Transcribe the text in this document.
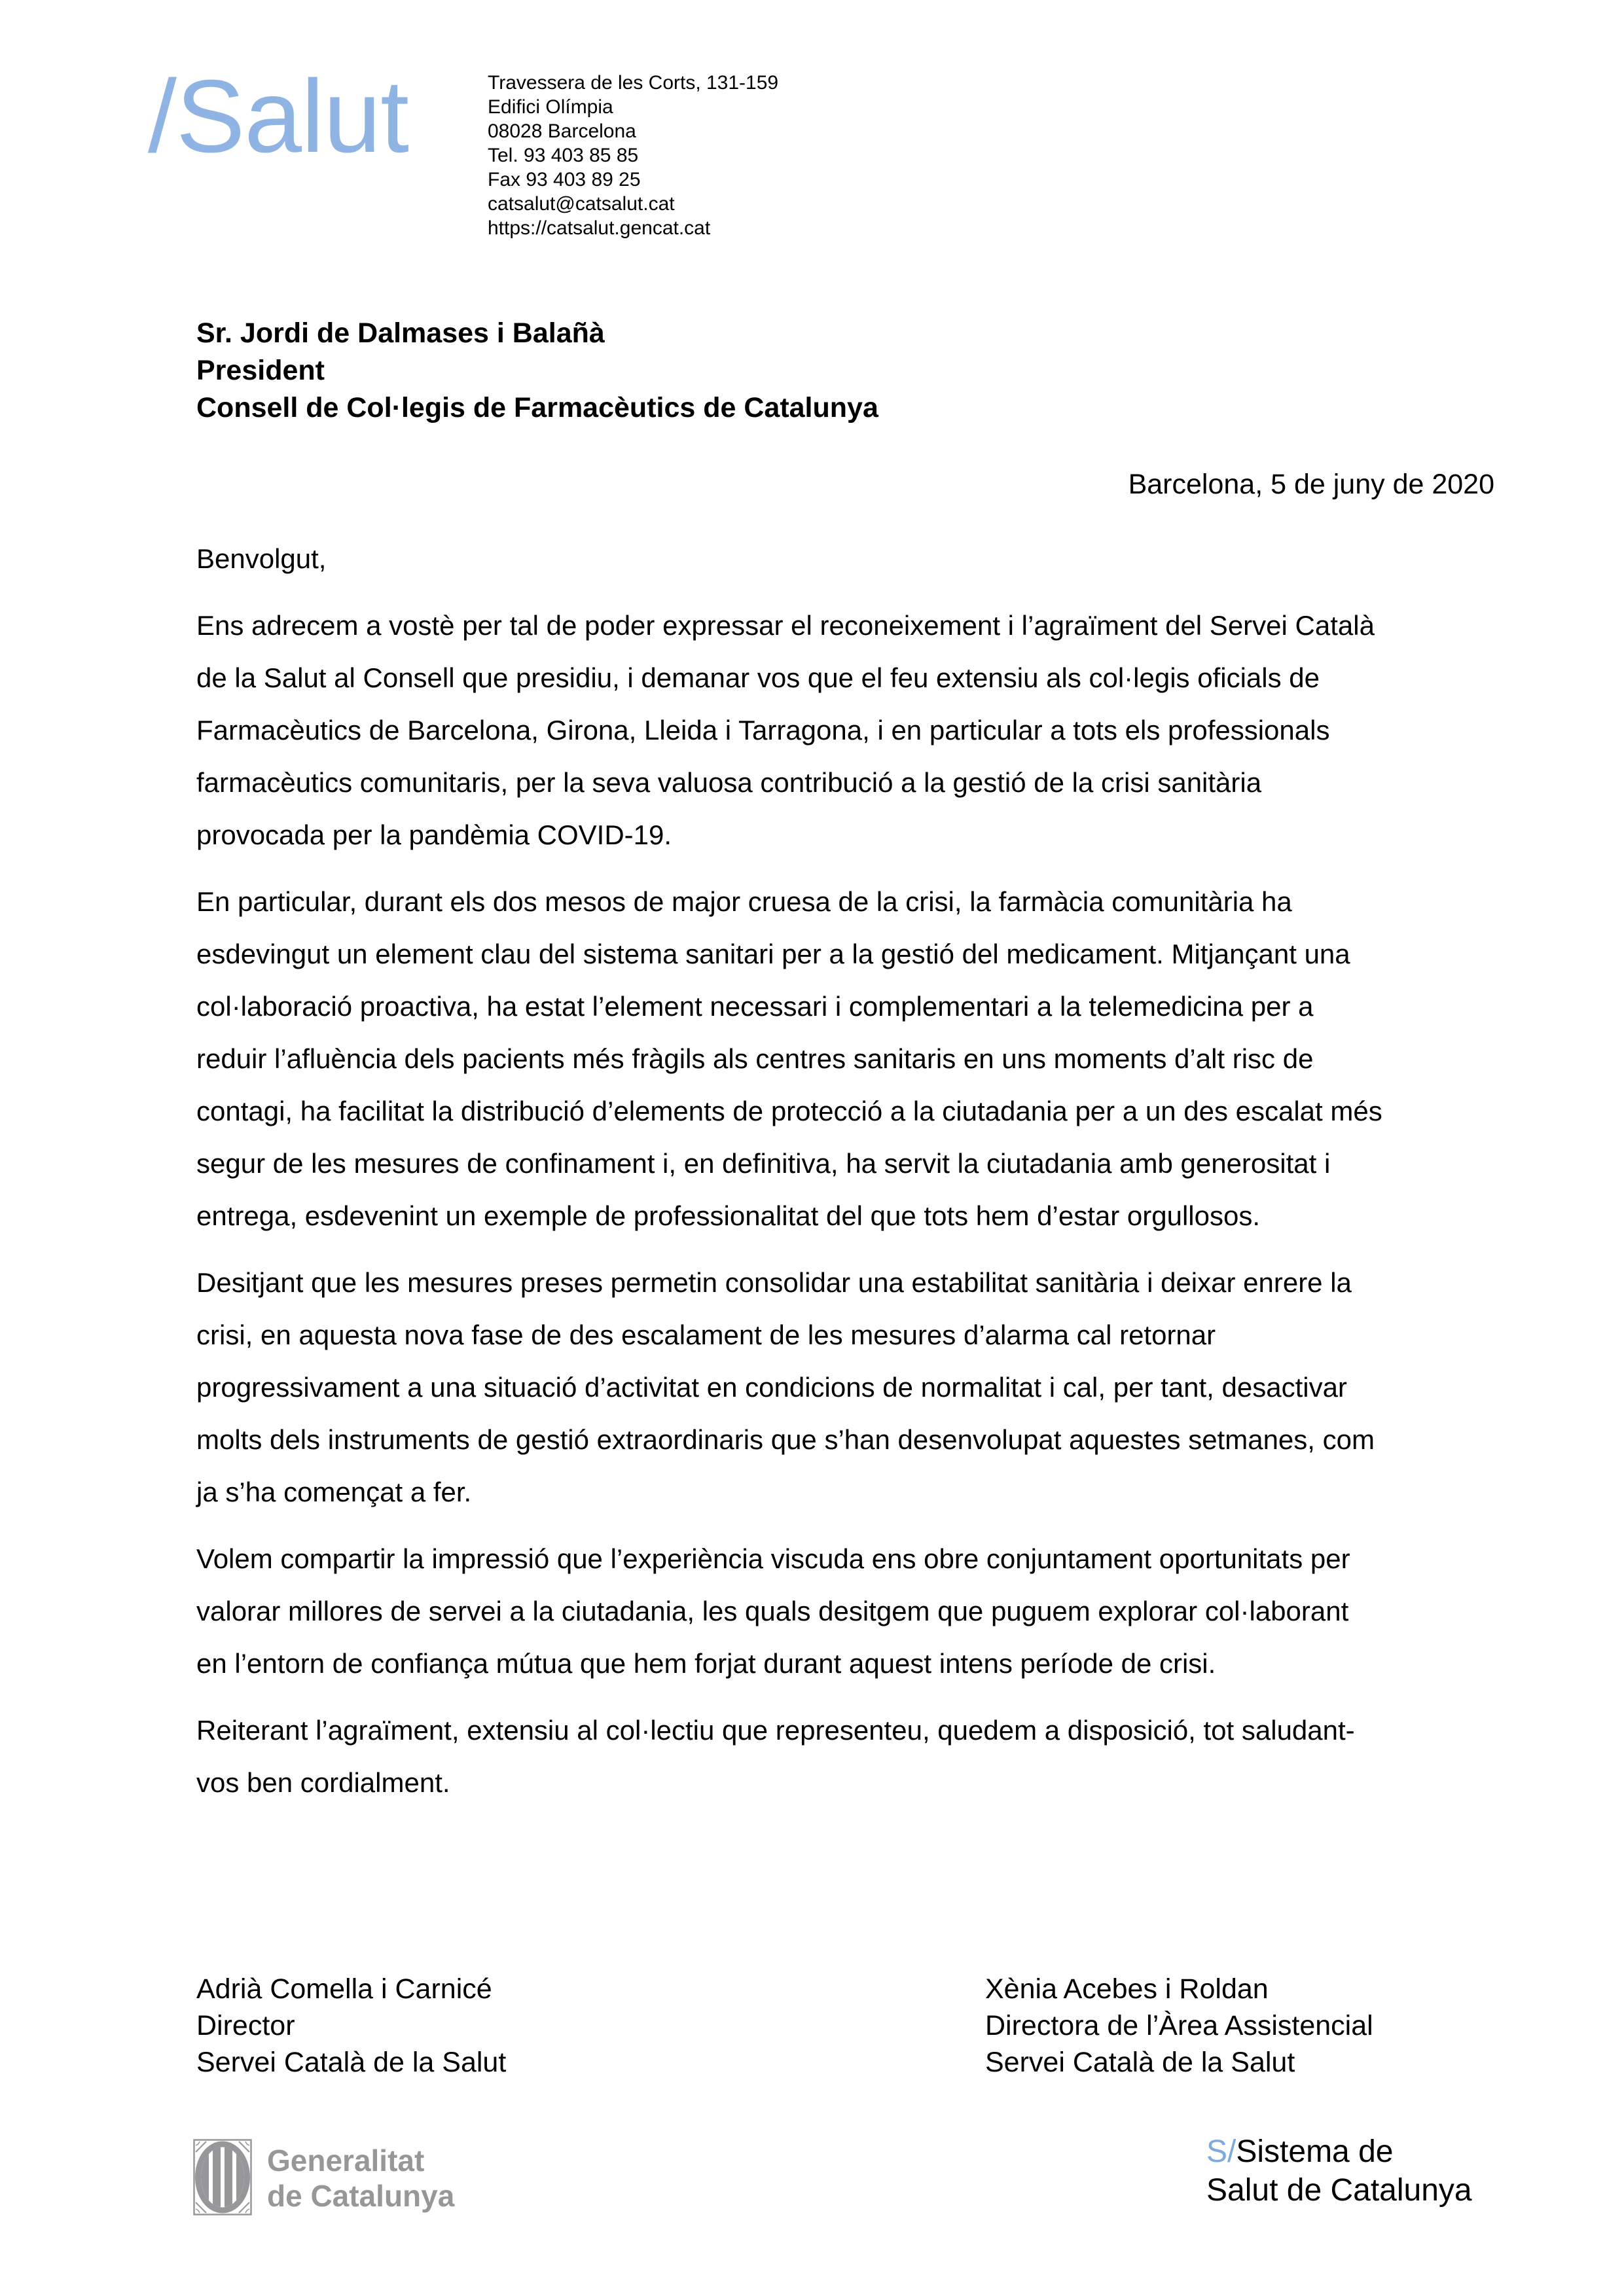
/Salut	Travessera de les Corts, 131-159
Edifici Olímpia
08028 Barcelona
Tel. 93 403 85 85
Fax 93 403 89 25
catsalut@catsalut.cat
https://catsalut.gencat.cat
Sr. Jordi de Dalmases i Balañà
President
Consell de Col·legis de Farmacèutics de Catalunya
Barcelona, 5 de juny de 2020
Benvolgut,
Ens adrecem a vostè per tal de poder expressar el reconeixement i l’agraïment del Servei Català
de la Salut al Consell que presidiu, i demanar vos que el feu extensiu als col·legis oficials de
Farmacèutics de Barcelona, Girona, Lleida i Tarragona, i en particular a tots els professionals
farmacèutics comunitaris, per la seva valuosa contribució a la gestió de la crisi sanitària
provocada per la pandèmia COVID-19.
En particular, durant els dos mesos de major cruesa de la crisi, la farmàcia comunitària ha
esdevingut un element clau del sistema sanitari per a la gestió del medicament. Mitjançant una
col·laboració proactiva, ha estat l’element necessari i complementari a la telemedicina per a
reduir l’afluència dels pacients més fràgils als centres sanitaris en uns moments d’alt risc de
contagi, ha facilitat la distribució d’elements de protecció a la ciutadania per a un des escalat més
segur de les mesures de confinament i, en definitiva, ha servit la ciutadania amb generositat i
entrega, esdevenint un exemple de professionalitat del que tots hem d’estar orgullosos.
Desitjant que les mesures preses permetin consolidar una estabilitat sanitària i deixar enrere la
crisi, en aquesta nova fase de des escalament de les mesures d’alarma cal retornar
progressivament a una situació d’activitat en condicions de normalitat i cal, per tant, desactivar
molts dels instruments de gestió extraordinaris que s’han desenvolupat aquestes setmanes, com
ja s’ha començat a fer.
Volem compartir la impressió que l’experiència viscuda ens obre conjuntament oportunitats per
valorar millores de servei a la ciutadania, les quals desitgem que puguem explorar col·laborant
en l’entorn de confiança mútua que hem forjat durant aquest intens període de crisi.
Reiterant l’agraïment, extensiu al col·lectiu que representeu, quedem a disposició, tot saludant-
vos ben cordialment.
Adrià Comella i Carnicé
Director
Servei Català de la Salut
Xènia Acebes i Roldan
Directora de l’Àrea Assistencial
Servei Català de la Salut
Generalitat
de Catalunya
S/Sistema de
Salut de Catalunya
